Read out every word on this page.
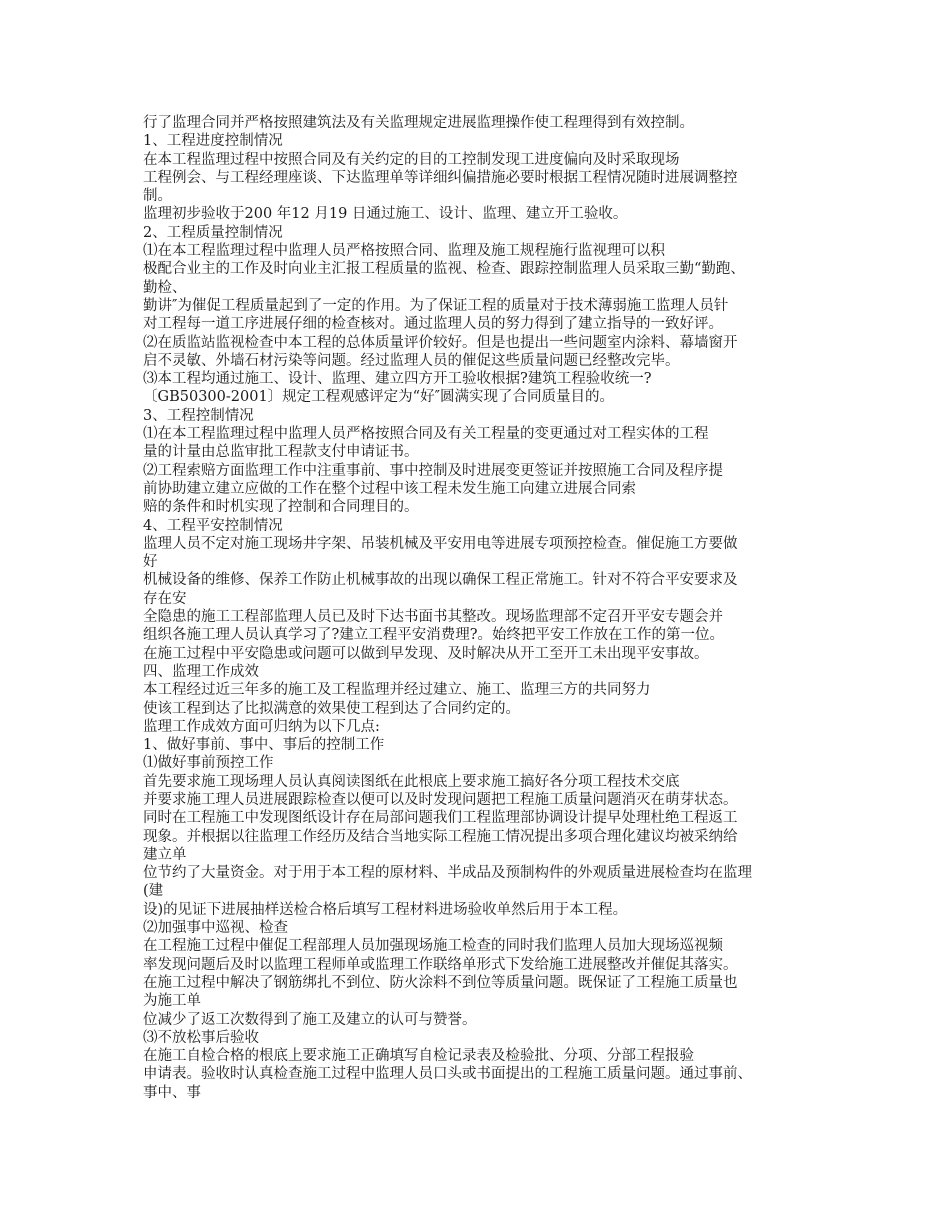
行了监理合同并严格按照建筑法及有关监理规定进展监理操作使工程理得到有效控制。
1、工程进度控制情况
在本工程监理过程中按照合同及有关约定的目的工控制发现工进度偏向及时采取现场
工程例会、与工程经理座谈、下达监理单等详细纠偏措施必要时根据工程情况随时进展调整控
制。
监理初步验收于200 年12 月19 日通过施工、设计、监理、建立开工验收。
2、工程质量控制情况
⑴在本工程监理过程中监理人员严格按照合同、监理及施工规程施行监视理可以积
极配合业主的工作及时向业主汇报工程质量的监视、检查、跟踪控制监理人员采取三勤“勤跑、
勤检、
勤讲″为催促工程质量起到了一定的作用。为了保证工程的质量对于技术薄弱施工监理人员针
对工程每一道工序进展仔细的检查核对。通过监理人员的努力得到了建立指导的一致好评。
⑵在质监站监视检查中本工程的总体质量评价较好。但是也提出一些问题室内涂料、幕墙窗开
启不灵敏、外墙石材污染等问题。经过监理人员的催促这些质量问题已经整改完毕。
⑶本工程均通过施工、设计、监理、建立四方开工验收根据?建筑工程验收统一?
〔GB50300-2001〕规定工程观感评定为“好″圆满实现了合同质量目的。
3、工程控制情况
⑴在本工程监理过程中监理人员严格按照合同及有关工程量的变更通过对工程实体的工程
量的计量由总监审批工程款支付申请证书。
⑵工程索赔方面监理工作中注重事前、事中控制及时进展变更签证并按照施工合同及程序提
前协助建立建立应做的工作在整个过程中该工程未发生施工向建立进展合同索
赔的条件和时机实现了控制和合同理目的。
4、工程平安控制情况
监理人员不定对施工现场井字架、吊装机械及平安用电等进展专项预控检查。催促施工方要做
好
机械设备的维修、保养工作防止机械事故的出现以确保工程正常施工。针对不符合平安要求及
存在安
全隐患的施工工程部监理人员已及时下达书面书其整改。现场监理部不定召开平安专题会并
组织各施工理人员认真学习了?建立工程平安消费理?。始终把平安工作放在工作的第一位。
在施工过程中平安隐患或问题可以做到早发现、及时解决从开工至开工未出现平安事故。
四、监理工作成效
本工程经过近三年多的施工及工程监理并经过建立、施工、监理三方的共同努力
使该工程到达了比拟满意的效果使工程到达了合同约定的。
监理工作成效方面可归纳为以下几点:
1、做好事前、事中、事后的控制工作
⑴做好事前预控工作
首先要求施工现场理人员认真阅读图纸在此根底上要求施工搞好各分项工程技术交底
并要求施工理人员进展跟踪检查以便可以及时发现问题把工程施工质量问题消灭在萌芽状态。
同时在工程施工中发现图纸设计存在局部问题我们工程监理部协调设计提早处理杜绝工程返工
现象。并根据以往监理工作经历及结合当地实际工程施工情况提出多项合理化建议均被采纳给
建立单
位节约了大量资金。对于用于本工程的原材料、半成品及预制构件的外观质量进展检查均在监理
(建
设)的见证下进展抽样送检合格后填写工程材料进场验收单然后用于本工程。
⑵加强事中巡视、检查
在工程施工过程中催促工程部理人员加强现场施工检查的同时我们监理人员加大现场巡视频
率发现问题后及时以监理工程师单或监理工作联络单形式下发给施工进展整改并催促其落实。
在施工过程中解决了钢筋绑扎不到位、防火涂料不到位等质量问题。既保证了工程施工质量也
为施工单
位减少了返工次数得到了施工及建立的认可与赞誉。
⑶不放松事后验收
在施工自检合格的根底上要求施工正确填写自检记录表及检验批、分项、分部工程报验
申请表。验收时认真检查施工过程中监理人员口头或书面提出的工程施工质量问题。通过事前、
事中、事
